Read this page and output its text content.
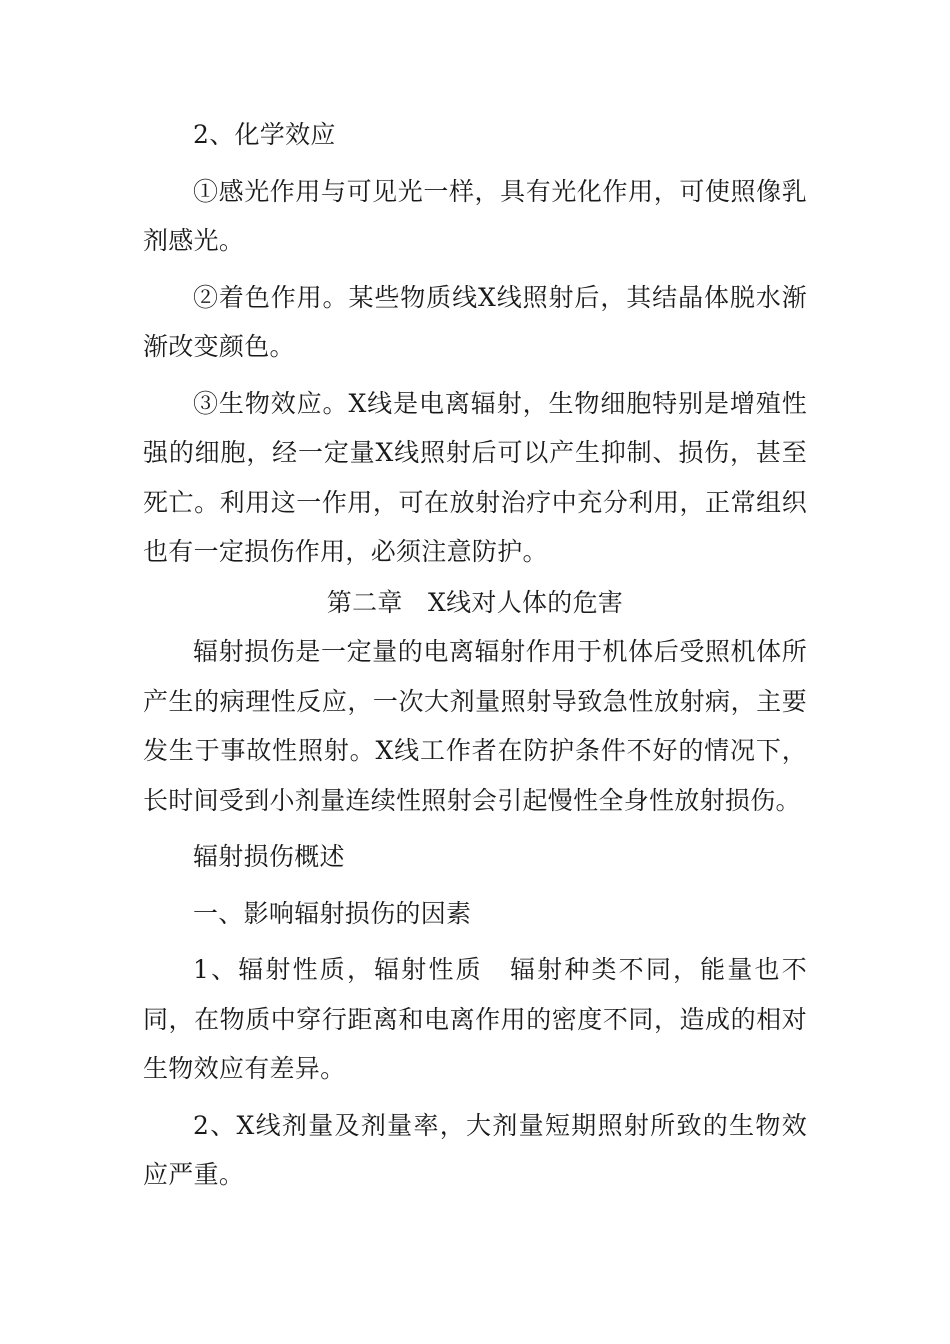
2、化学效应

①感光作用与可见光一样，具有光化作用，可使照像乳剂感光。

②着色作用。某些物质线X线照射后，其结晶体脱水渐渐改变颜色。

③生物效应。X线是电离辐射，生物细胞特别是增殖性强的细胞，经一定量X线照射后可以产生抑制、损伤，甚至死亡。利用这一作用，可在放射治疗中充分利用，正常组织也有一定损伤作用，必须注意防护。

第二章　X线对人体的危害

辐射损伤是一定量的电离辐射作用于机体后受照机体所产生的病理性反应，一次大剂量照射导致急性放射病，主要发生于事故性照射。X线工作者在防护条件不好的情况下，长时间受到小剂量连续性照射会引起慢性全身性放射损伤。

辐射损伤概述

一、影响辐射损伤的因素

1、辐射性质，辐射性质　辐射种类不同，能量也不同，在物质中穿行距离和电离作用的密度不同，造成的相对生物效应有差异。

2、X线剂量及剂量率，大剂量短期照射所致的生物效应严重。
